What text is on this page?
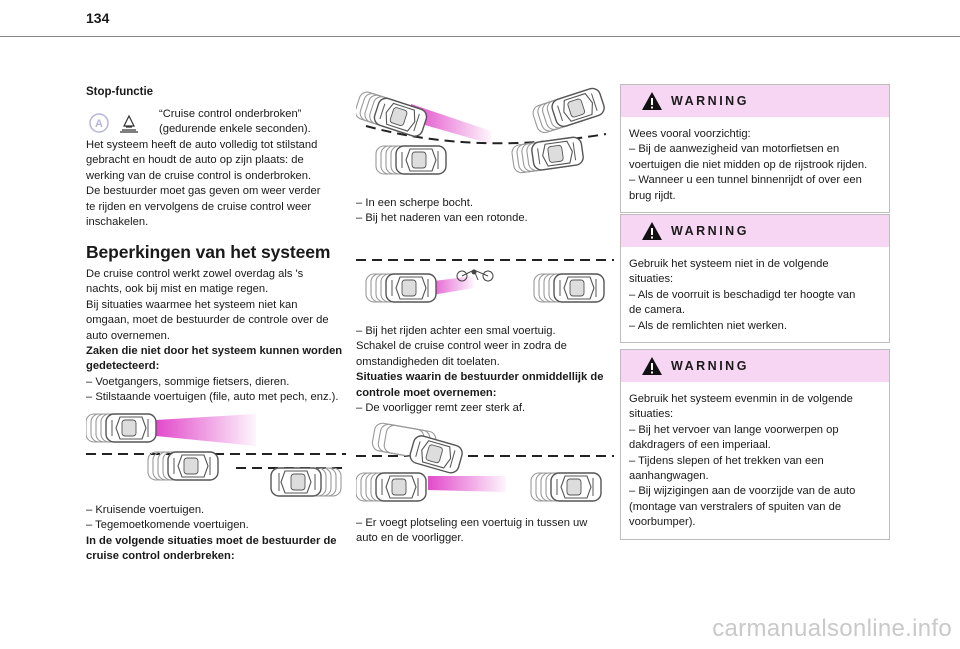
134
Stop-functie
A

“Cruise control onderbroken”

(gedurende enkele seconden).

Het systeem heeft de auto volledig tot stilstand

gebracht en houdt de auto op zijn plaats: de

werking van de cruise control is onderbroken.

De bestuurder moet gas geven om weer verder

te rijden en vervolgens de cruise control weer

inschakelen.

Beperkingen van het systeem

De cruise control werkt zowel overdag als 's

nachts, ook bij mist en matige regen.

Bij situaties waarmee het systeem niet kan

omgaan, moet de bestuurder de controle over de

auto overnemen.

Zaken die niet door het systeem kunnen worden

gedetecteerd:

– Voetgangers, sommige fietsers, dieren.

– Stilstaande voertuigen (file, auto met pech, enz.).

– Kruisende voertuigen.

– Tegemoetkomende voertuigen.

In de volgende situaties moet de bestuurder de

cruise control onderbreken:

– In een scherpe bocht.

– Bij het naderen van een rotonde.

– Bij het rijden achter een smal voertuig.

Schakel de cruise control weer in zodra de

omstandigheden dit toelaten.

Situaties waarin de bestuurder onmiddellijk de

controle moet overnemen:

– De voorligger remt zeer sterk af.

– Er voegt plotseling een voertuig in tussen uw

auto en de voorligger.

WARNING

Wees vooral voorzichtig:

– Bij de aanwezigheid van motorfietsen en

voertuigen die niet midden op de rijstrook rijden.

– Wanneer u een tunnel binnenrijdt of over een

brug rijdt.

WARNING

Gebruik het systeem niet in de volgende

situaties:

– Als de voorruit is beschadigd ter hoogte van

de camera.

– Als de remlichten niet werken.

WARNING

Gebruik het systeem evenmin in de volgende

situaties:

– Bij het vervoer van lange voorwerpen op

dakdragers of een imperiaal.

– Tijdens slepen of het trekken van een

aanhangwagen.

– Bij wijzigingen aan de voorzijde van de auto

(montage van verstralers of spuiten van de

voorbumper).

carmanualsonline.info
